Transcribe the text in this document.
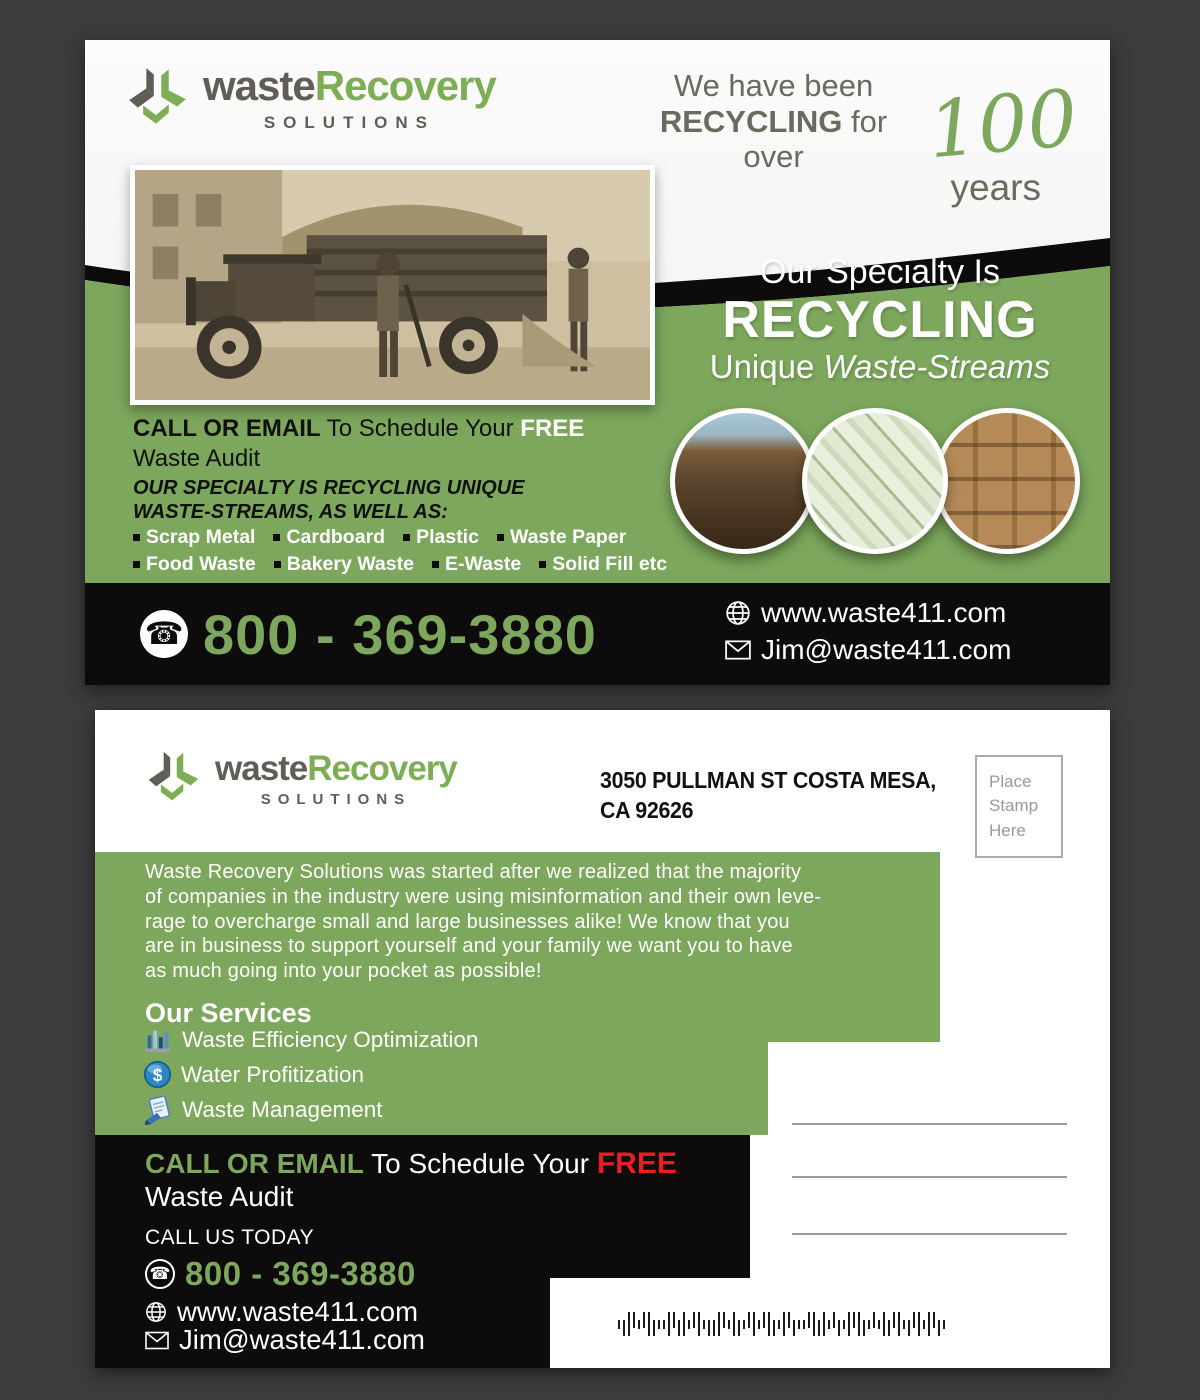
wasteRecovery
SOLUTIONS
We have been
RECYCLING for over	100
years
Our Specialty Is
RECYCLING
Unique Waste-Streams
CALL OR EMAIL To Schedule Your FREE
Waste Audit
OUR SPECIALTY IS RECYCLING UNIQUE
WASTE-STREAMS, AS WELL AS:
Scrap Metal Cardboard Plastic Waste Paper
Food Waste Bakery Waste E-Waste Solid Fill etc
☎ 800 - 369-3880	www.waste411.com
Jim@waste411.com
wasteRecovery
SOLUTIONS
3050 PULLMAN ST COSTA MESA,
CA 92626
Place
Stamp
Here
Waste Recovery Solutions was started after we realized that the majority
of companies in the industry were using misinformation and their own leve-
rage to overcharge small and large businesses alike! We know that you
are in business to support yourself and your family we want you to have
as much going into your pocket as possible!
Our Services
Waste Efficiency Optimization
$ Water Profitization
Waste Management
CALL OR EMAIL To Schedule Your FREE
Waste Audit
CALL US TODAY
☎ 800 - 369-3880
www.waste411.com
Jim@waste411.com
